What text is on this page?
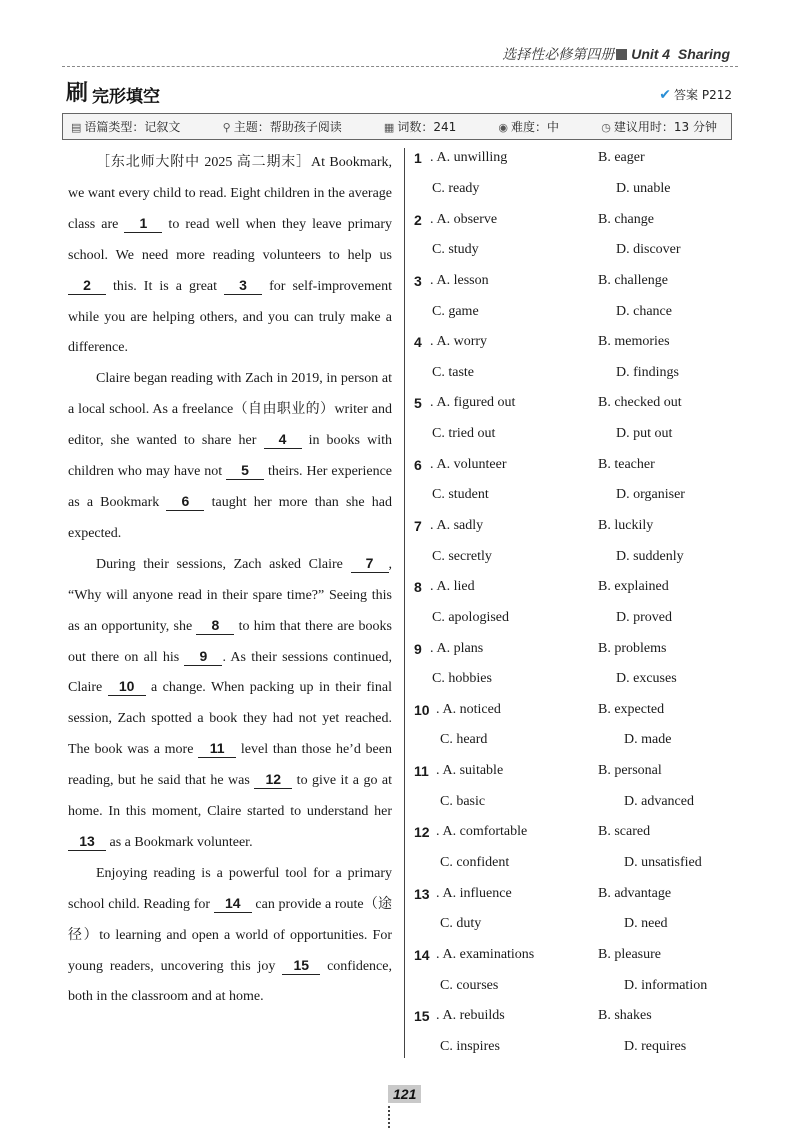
选择性必修第四册 Unit 4 Sharing
刷 完形填空	✔ 答案 P212
▤ 语篇类型：记叙文	⚲ 主题：帮助孩子阅读	▦ 词数：241	◉ 难度：中	◷ 建议用时：13 分钟

［东北师大附中 2025 高二期末］At Bookmark, we want every child to read. Eight children in the average class are 1 to read well when they leave primary school. We need more reading volunteers to help us 2 this. It is a great 3 for self-improvement while you are helping others, and you can truly make a difference.

Claire began reading with Zach in 2019, in person at a local school. As a freelance（自由职业的）writer and editor, she wanted to share her 4 in books with children who may have not 5 theirs. Her experience as a Bookmark 6 taught her more than she had expected.

During their sessions, Zach asked Claire 7 , “Why will anyone read in their spare time?” Seeing this as an opportunity, she 8 to him that there are books out there on all his 9 . As their sessions continued, Claire 10 a change. When packing up in their final session, Zach spotted a book they had not yet reached. The book was a more 11 level than those he’d been reading, but he said that he was 12 to give it a go at home. In this moment, Claire started to understand her 13 as a Bookmark volunteer.

Enjoying reading is a powerful tool for a primary school child. Reading for 14 can provide a route（途径）to learning and open a world of opportunities. For young readers, uncovering this joy 15 confidence, both in the classroom and at home.

1 . A. unwilling	B. eager
C. ready	D. unable
2 . A. observe	B. change
C. study	D. discover
3 . A. lesson	B. challenge
C. game	D. chance
4 . A. worry	B. memories
C. taste	D. findings
5 . A. figured out	B. checked out
C. tried out	D. put out
6 . A. volunteer	B. teacher
C. student	D. organiser
7 . A. sadly	B. luckily
C. secretly	D. suddenly
8 . A. lied	B. explained
C. apologised	D. proved
9 . A. plans	B. problems
C. hobbies	D. excuses
10 . A. noticed	B. expected
C. heard	D. made
11 . A. suitable	B. personal
C. basic	D. advanced
12 . A. comfortable	B. scared
C. confident	D. unsatisfied
13 . A. influence	B. advantage
C. duty	D. need
14 . A. examinations	B. pleasure
C. courses	D. information
15 . A. rebuilds	B. shakes
C. inspires	D. requires
121
